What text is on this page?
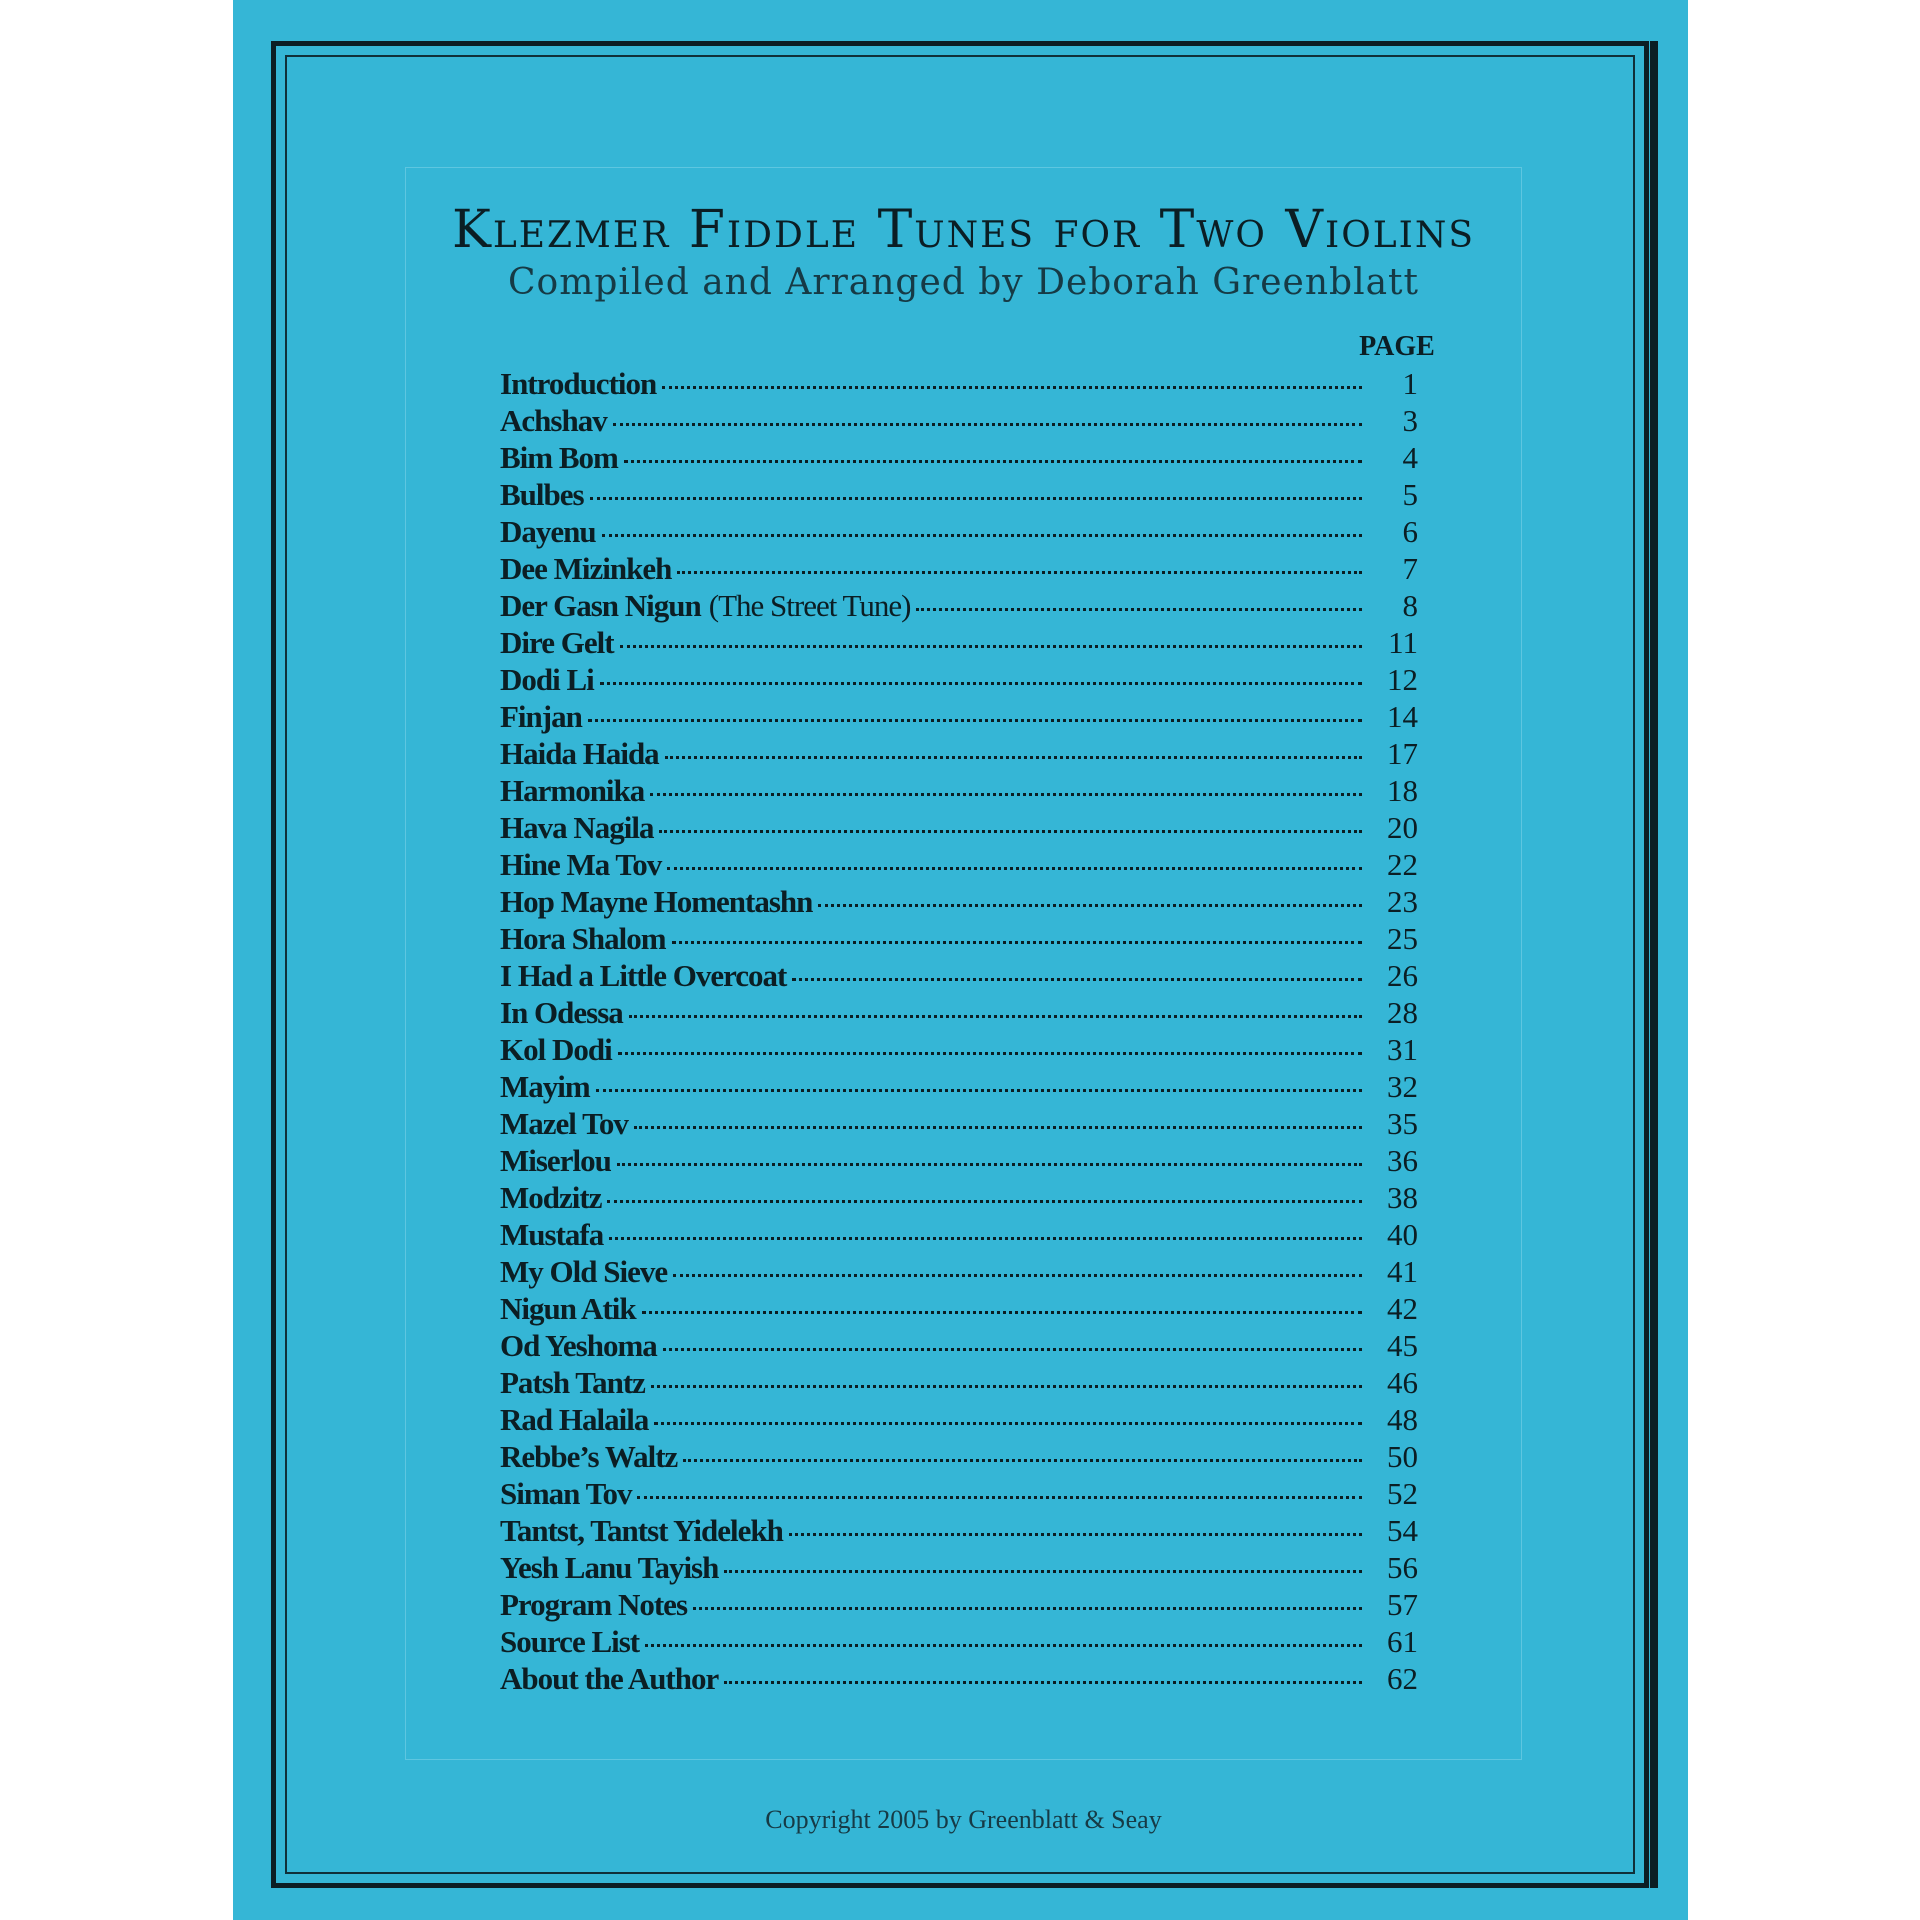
Klezmer Fiddle Tunes for Two Violins
Compiled and Arranged by Deborah Greenblatt
PAGE
Introduction	1
Achshav	3
Bim Bom	4
Bulbes	5
Dayenu	6
Dee Mizinkeh	7
Der Gasn Nigun (The Street Tune)	8
Dire Gelt	11
Dodi Li	12
Finjan	14
Haida Haida	17
Harmonika	18
Hava Nagila	20
Hine Ma Tov	22
Hop Mayne Homentashn	23
Hora Shalom	25
I Had a Little Overcoat	26
In Odessa	28
Kol Dodi	31
Mayim	32
Mazel Tov	35
Miserlou	36
Modzitz	38
Mustafa	40
My Old Sieve	41
Nigun Atik	42
Od Yeshoma	45
Patsh Tantz	46
Rad Halaila	48
Rebbe’s Waltz	50
Siman Tov	52
Tantst, Tantst Yidelekh	54
Yesh Lanu Tayish	56
Program Notes	57
Source List	61
About the Author	62
Copyright 2005 by Greenblatt & Seay
